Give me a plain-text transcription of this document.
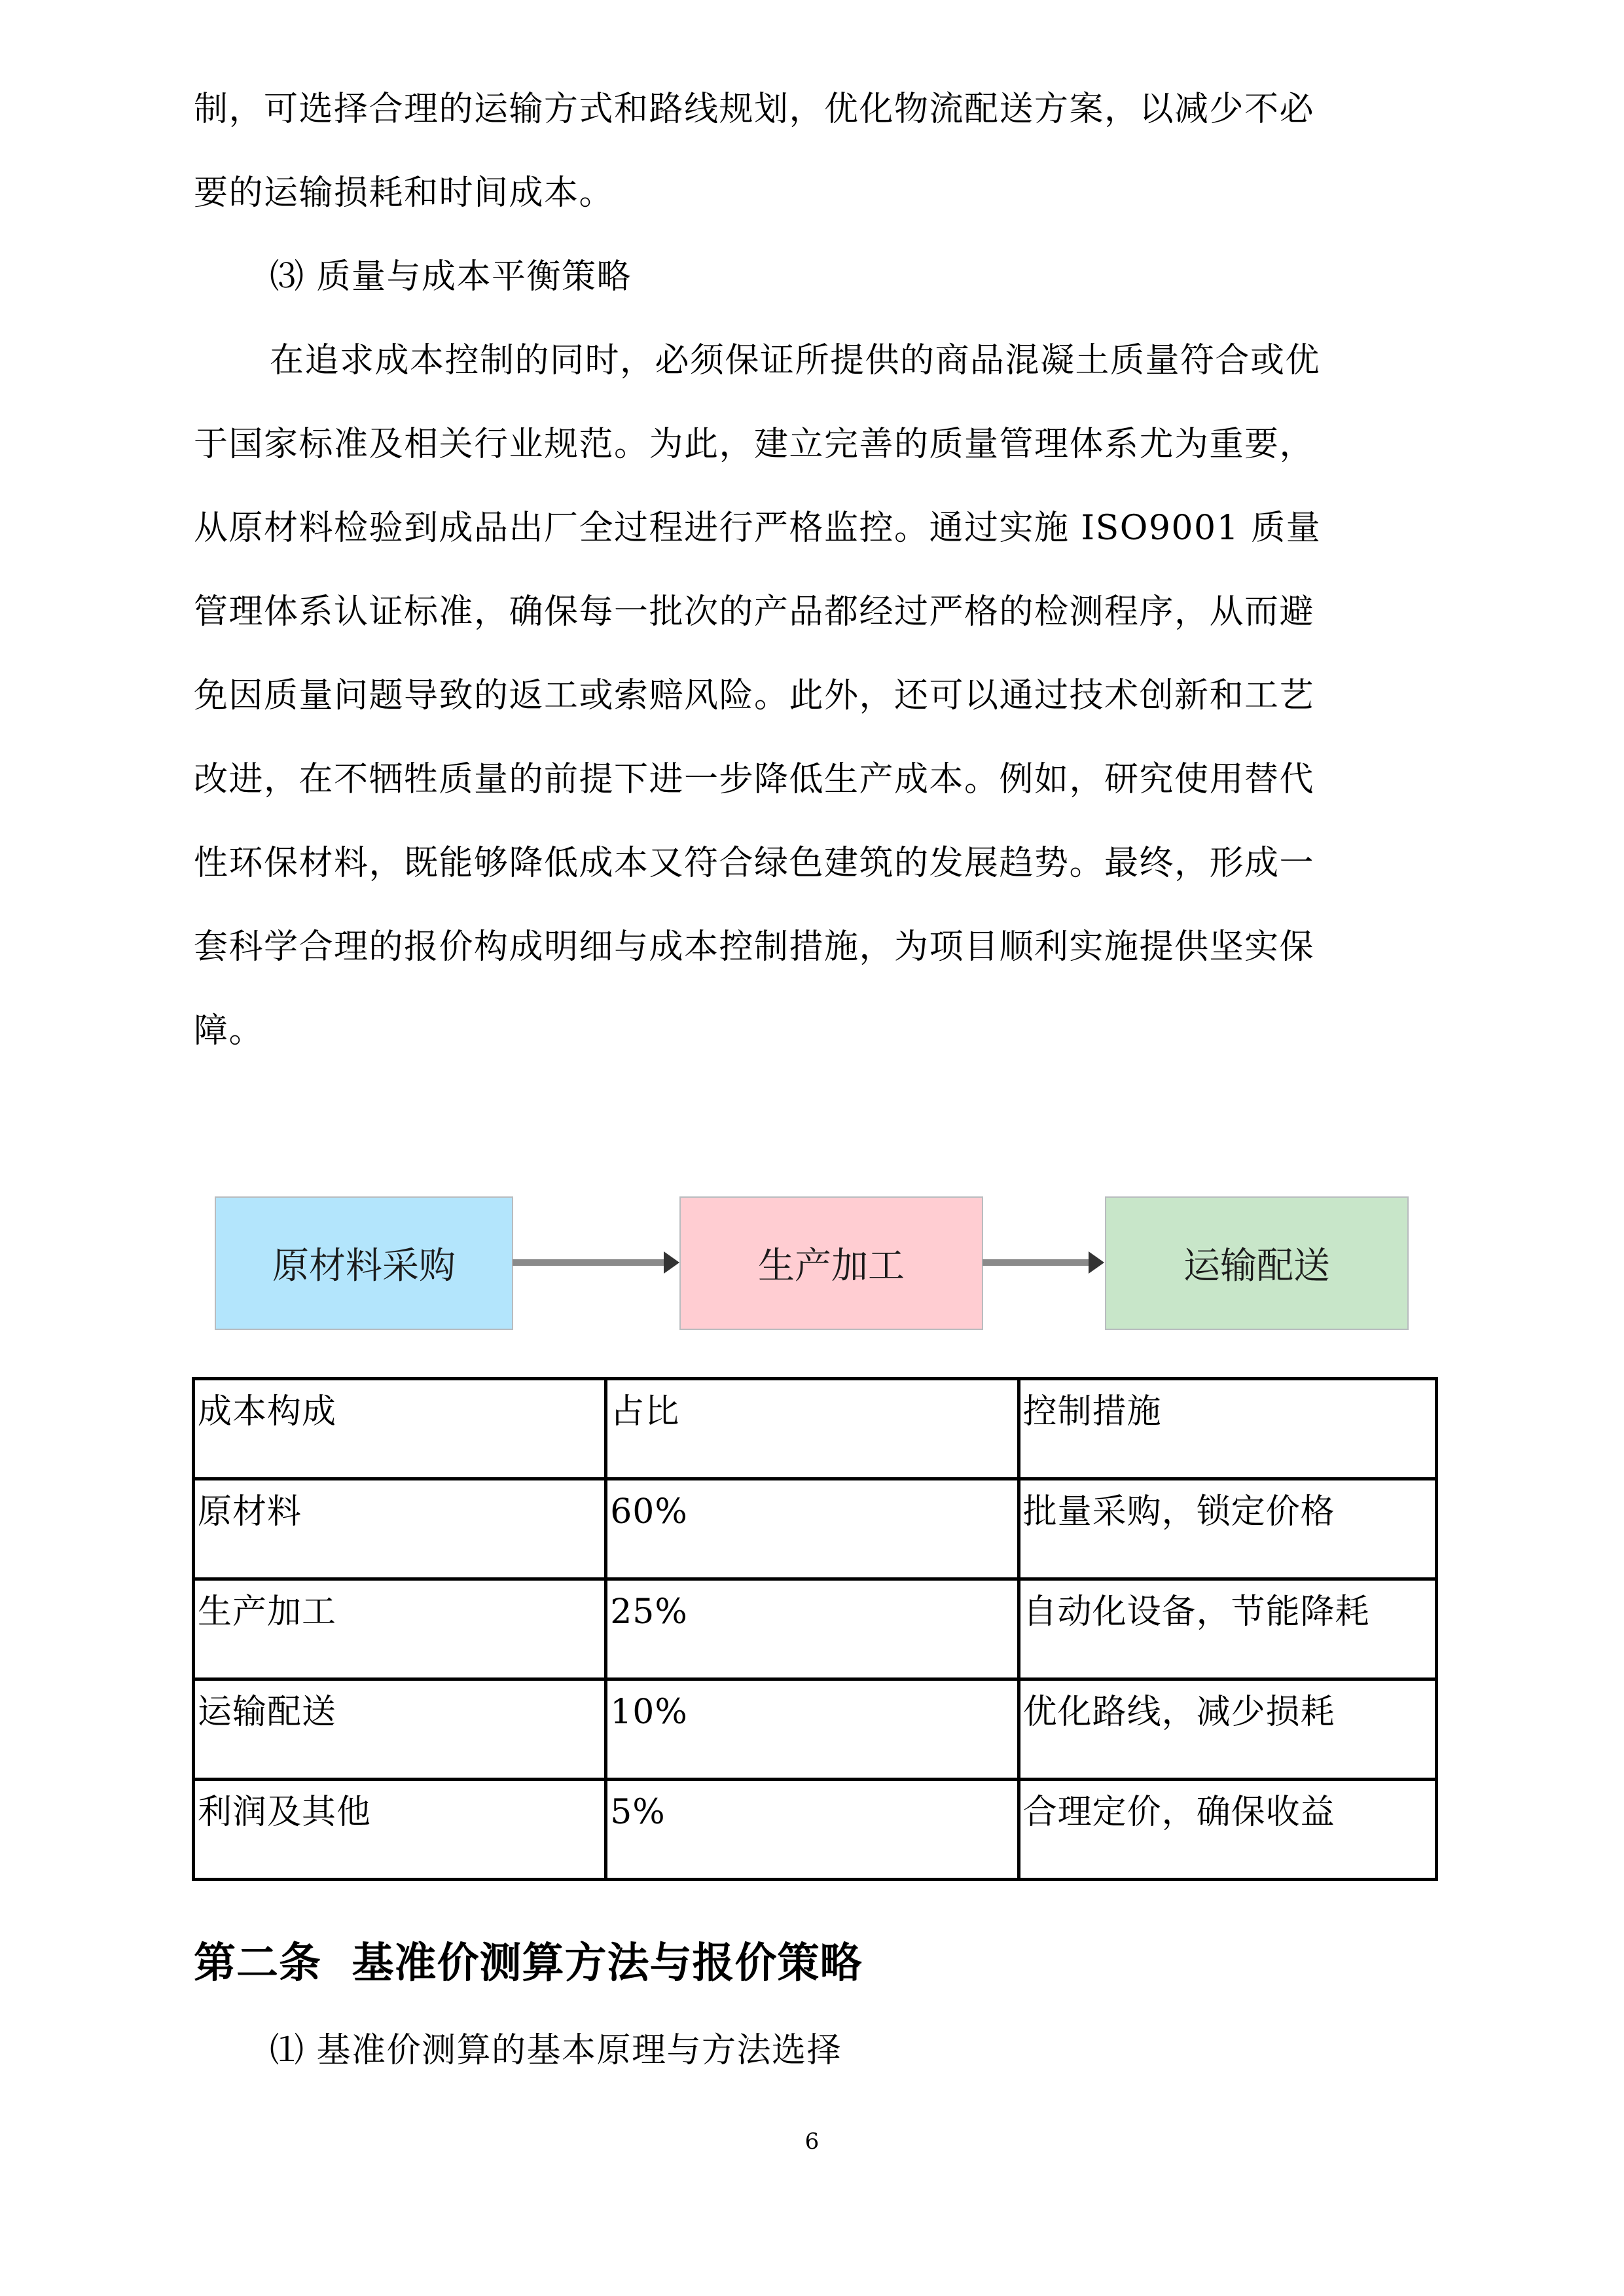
制，可选择合理的运输方式和路线规划，优化物流配送方案，以减少不必
要的运输损耗和时间成本。
⑶ 质量与成本平衡策略
在追求成本控制的同时，必须保证所提供的商品混凝土质量符合或优
于国家标准及相关行业规范。为此，建立完善的质量管理体系尤为重要，
从原材料检验到成品出厂全过程进行严格监控。通过实施 ISO9001 质量
管理体系认证标准，确保每一批次的产品都经过严格的检测程序，从而避
免因质量问题导致的返工或索赔风险。此外，还可以通过技术创新和工艺
改进，在不牺牲质量的前提下进一步降低生产成本。例如，研究使用替代
性环保材料，既能够降低成本又符合绿色建筑的发展趋势。最终，形成一
套科学合理的报价构成明细与成本控制措施，为项目顺利实施提供坚实保
障。
原材料采购	生产加工	运输配送
成本构成	占比	控制措施
原材料	60%	批量采购，锁定价格
生产加工	25%	自动化设备，节能降耗
运输配送	10%	优化路线，减少损耗
利润及其他	5%	合理定价，确保收益
第二条  基准价测算方法与报价策略
⑴ 基准价测算的基本原理与方法选择
6
